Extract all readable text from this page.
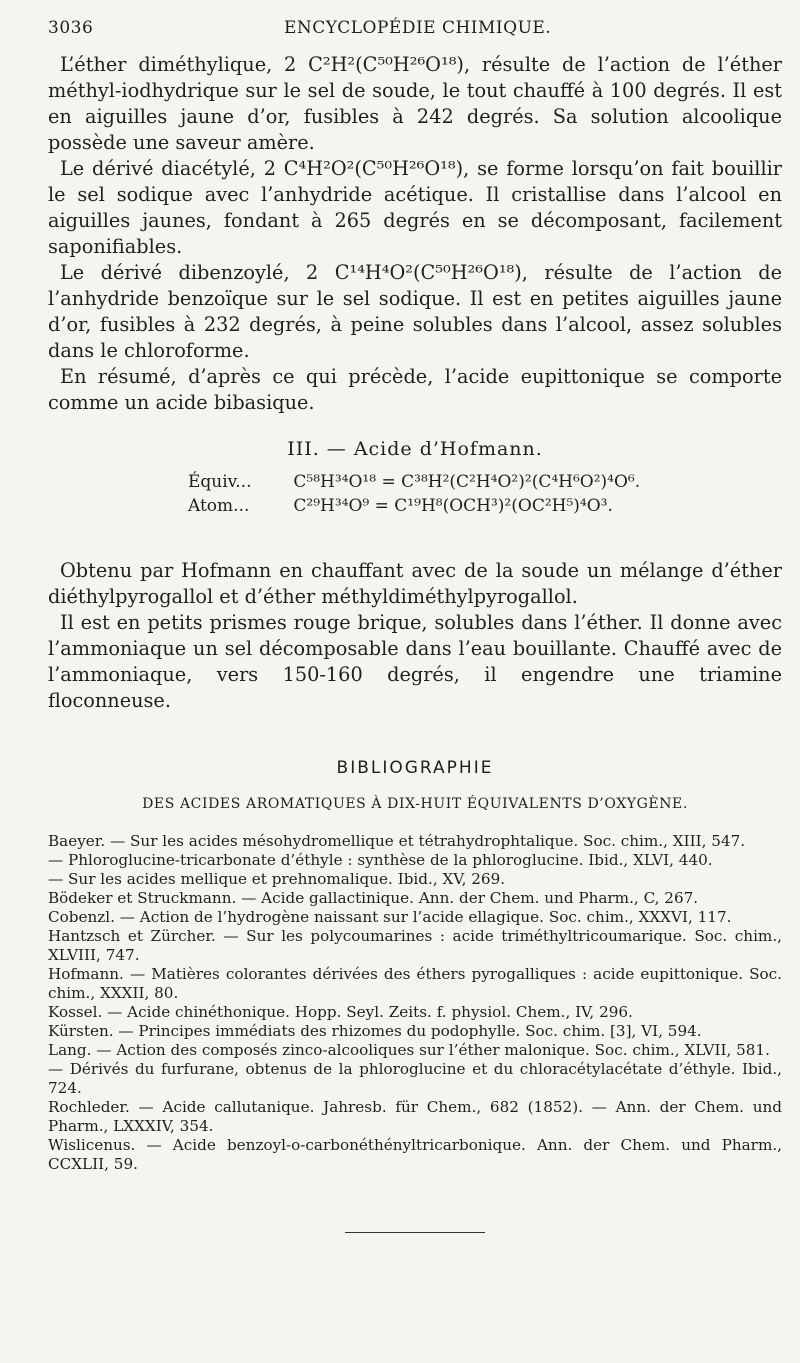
3036	ENCYCLOPÉDIE CHIMIQUE.

L’éther diméthylique, 2 C²H²(C⁵⁰H²⁶O¹⁸), résulte de l’action de l’éther méthyl-iodhydrique sur le sel de soude, le tout chauffé à 100 degrés. Il est en aiguilles jaune d’or, fusibles à 242 degrés. Sa solution alcoolique possède une saveur amère.

Le dérivé diacétylé, 2 C⁴H²O²(C⁵⁰H²⁶O¹⁸), se forme lorsqu’on fait bouillir le sel sodique avec l’anhydride acétique. Il cristallise dans l’alcool en aiguilles jaunes, fondant à 265 degrés en se décomposant, facilement saponifiables.

Le dérivé dibenzoylé, 2 C¹⁴H⁴O²(C⁵⁰H²⁶O¹⁸), résulte de l’action de l’anhydride benzoïque sur le sel sodique. Il est en petites aiguilles jaune d’or, fusibles à 232 degrés, à peine solubles dans l’alcool, assez solubles dans le chloroforme.

En résumé, d’après ce qui précède, l’acide eupittonique se comporte comme un acide bibasique.

III. — Acide d’Hofmann.
Équiv... C⁵⁸H³⁴O¹⁸ = C³⁸H²(C²H⁴O²)²(C⁴H⁶O²)⁴O⁶.
Atom...	C²⁹H³⁴O⁹ = C¹⁹H⁸(OCH³)²(OC²H⁵)⁴O³.

Obtenu par Hofmann en chauffant avec de la soude un mélange d’éther diéthylpyrogallol et d’éther méthyldiméthylpyrogallol.

Il est en petits prismes rouge brique, solubles dans l’éther. Il donne avec l’ammoniaque un sel décomposable dans l’eau bouillante. Chauffé avec de l’ammoniaque, vers 150-160 degrés, il engendre une triamine floconneuse.

BIBLIOGRAPHIE
DES ACIDES AROMATIQUES À DIX-HUIT ÉQUIVALENTS D’OXYGÈNE.
Baeyer. — Sur les acides mésohydromellique et tétrahydrophtalique. Soc. chim., XIII, 547.
— Phloroglucine-tricarbonate d’éthyle : synthèse de la phloroglucine. Ibid., XLVI, 440.
— Sur les acides mellique et prehnomalique. Ibid., XV, 269.
Bödeker et Struckmann. — Acide gallactinique. Ann. der Chem. und Pharm., C, 267.
Cobenzl. — Action de l’hydrogène naissant sur l’acide ellagique. Soc. chim., XXXVI, 117.
Hantzsch et Zürcher. — Sur les polycoumarines : acide triméthyltricoumarique. Soc. chim., XLVIII, 747.
Hofmann. — Matières colorantes dérivées des éthers pyrogalliques : acide eupittonique. Soc. chim., XXXII, 80.
Kossel. — Acide chinéthonique. Hopp. Seyl. Zeits. f. physiol. Chem., IV, 296.
Kürsten. — Principes immédiats des rhizomes du podophylle. Soc. chim. [3], VI, 594.
Lang. — Action des composés zinco-alcooliques sur l’éther malonique. Soc. chim., XLVII, 581.
— Dérivés du furfurane, obtenus de la phloroglucine et du chloracétylacétate d’éthyle. Ibid., 724.
Rochleder. — Acide callutanique. Jahresb. für Chem., 682 (1852). — Ann. der Chem. und Pharm., LXXXIV, 354.
Wislicenus. — Acide benzoyl-o-carbonéthényltricarbonique. Ann. der Chem. und Pharm., CCXLII, 59.
